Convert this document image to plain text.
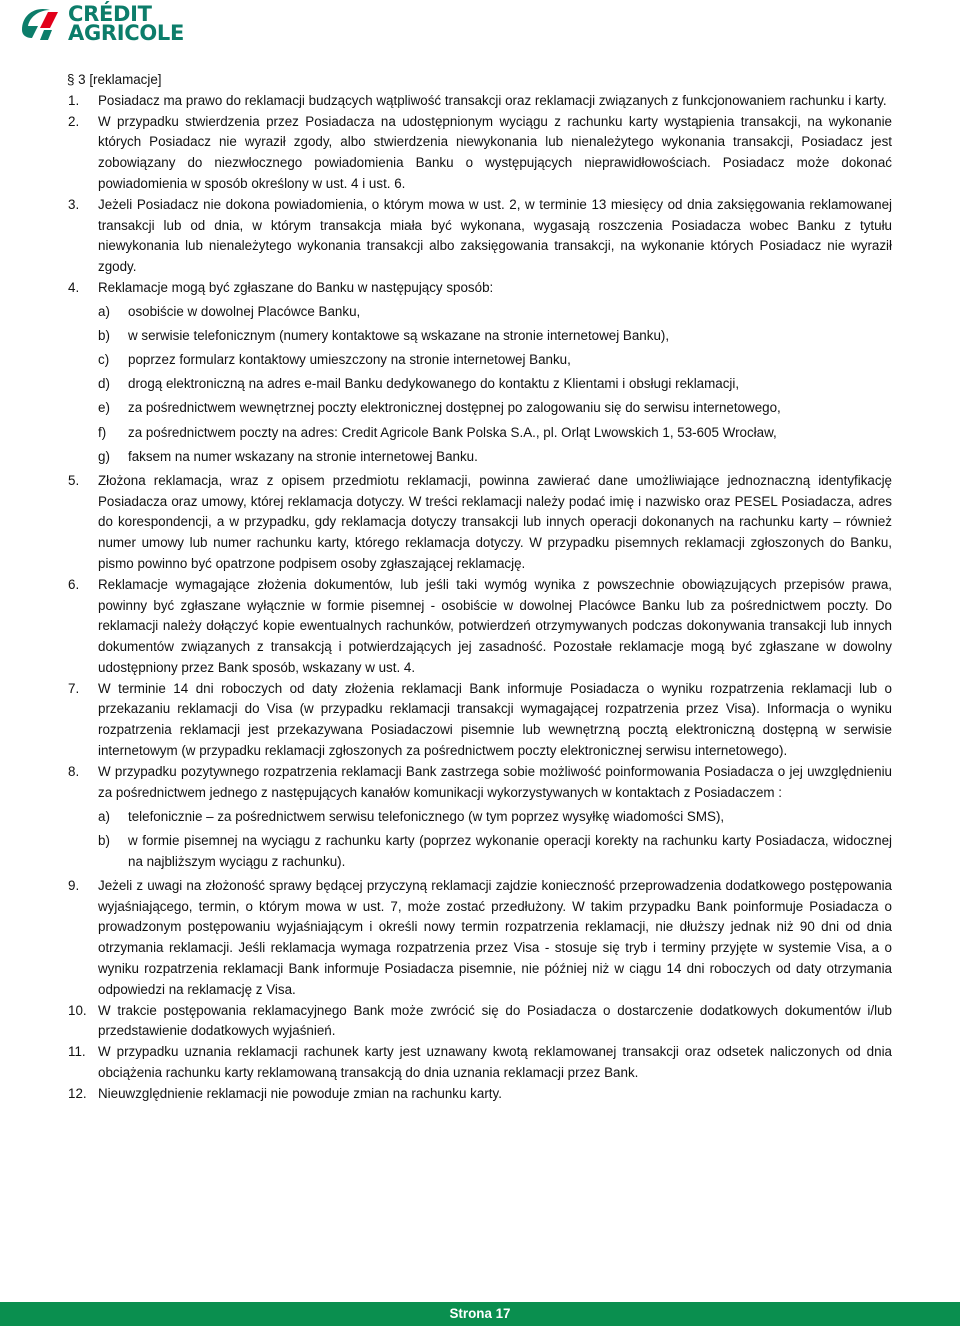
CRÉDIT
AGRICOLE
§ 3 [reklamacje]
1.	Posiadacz ma prawo do reklamacji budzących wątpliwość transakcji oraz reklamacji związanych z funkcjonowaniem rachunku i karty.
2.	W przypadku stwierdzenia przez Posiadacza na udostępnionym wyciągu z rachunku karty wystąpienia transakcji, na wykonanie których Posiadacz nie wyraził zgody, albo stwierdzenia niewykonania lub nienależytego wykonania transakcji, Posiadacz jest zobowiązany do niezwłocznego powiadomienia Banku o występujących nieprawidłowościach. Posiadacz może dokonać powiadomienia w sposób określony w ust. 4 i ust. 6.
3.	Jeżeli Posiadacz nie dokona powiadomienia, o którym mowa w ust. 2, w terminie 13 miesięcy od dnia zaksięgowania reklamowanej transakcji lub od dnia, w którym transakcja miała być wykonana, wygasają roszczenia Posiadacza wobec Banku z tytułu niewykonania lub nienależytego wykonania transakcji albo zaksięgowania transakcji, na wykonanie których Posiadacz nie wyraził zgody.
4.	Reklamacje mogą być zgłaszane do Banku w następujący sposób:
a)	osobiście w dowolnej Placówce Banku,
b)	w serwisie telefonicznym (numery kontaktowe są wskazane na stronie internetowej Banku),
c)	poprzez formularz kontaktowy umieszczony na stronie internetowej Banku,
d)	drogą elektroniczną na adres e-mail Banku dedykowanego do kontaktu z Klientami i obsługi reklamacji,
e)	za pośrednictwem wewnętrznej poczty elektronicznej dostępnej po zalogowaniu się do serwisu internetowego,
f)	za pośrednictwem poczty na adres: Credit Agricole Bank Polska S.A., pl. Orląt Lwowskich 1, 53-605 Wrocław,
g)	faksem na numer wskazany na stronie internetowej Banku.
5.	Złożona reklamacja, wraz z opisem przedmiotu reklamacji, powinna zawierać dane umożliwiające jednoznaczną identyfikację Posiadacza oraz umowy, której reklamacja dotyczy. W treści reklamacji należy podać imię i nazwisko oraz PESEL Posiadacza, adres do korespondencji, a w przypadku, gdy reklamacja dotyczy transakcji lub innych operacji dokonanych na rachunku karty – również numer umowy lub numer rachunku karty, którego reklamacja dotyczy. W przypadku pisemnych reklamacji zgłoszonych do Banku, pismo powinno być opatrzone podpisem osoby zgłaszającej reklamację.
6.	Reklamacje wymagające złożenia dokumentów, lub jeśli taki wymóg wynika z powszechnie obowiązujących przepisów prawa, powinny być zgłaszane wyłącznie w formie pisemnej - osobiście w dowolnej Placówce Banku lub za pośrednictwem poczty. Do reklamacji należy dołączyć kopie ewentualnych rachunków, potwierdzeń otrzymywanych podczas dokonywania transakcji lub innych dokumentów związanych z transakcją i potwierdzających jej zasadność. Pozostałe reklamacje mogą być zgłaszane w dowolny udostępniony przez Bank sposób, wskazany w ust. 4.
7.	W terminie 14 dni roboczych od daty złożenia reklamacji Bank informuje Posiadacza o wyniku rozpatrzenia reklamacji lub o przekazaniu reklamacji do Visa (w przypadku reklamacji transakcji wymagającej rozpatrzenia przez Visa). Informacja o wyniku rozpatrzenia reklamacji jest przekazywana Posiadaczowi pisemnie lub wewnętrzną pocztą elektroniczną dostępną w serwisie internetowym (w przypadku reklamacji zgłoszonych za pośrednictwem poczty elektronicznej serwisu internetowego).
8.	W przypadku pozytywnego rozpatrzenia reklamacji Bank zastrzega sobie możliwość poinformowania Posiadacza o jej uwzględnieniu za pośrednictwem jednego z następujących kanałów komunikacji wykorzystywanych w kontaktach z Posiadaczem :
a)	telefonicznie – za pośrednictwem serwisu telefonicznego (w tym poprzez wysyłkę wiadomości SMS),
b)	w formie pisemnej na wyciągu z rachunku karty (poprzez wykonanie operacji korekty na rachunku karty Posiadacza, widocznej na najbliższym wyciągu z rachunku).
9.	Jeżeli z uwagi na złożoność sprawy będącej przyczyną reklamacji zajdzie konieczność przeprowadzenia dodatkowego postępowania wyjaśniającego, termin, o którym mowa w ust. 7, może zostać przedłużony. W takim przypadku Bank poinformuje Posiadacza o prowadzonym postępowaniu wyjaśniającym i określi nowy termin rozpatrzenia reklamacji, nie dłuższy jednak niż 90 dni od dnia otrzymania reklamacji. Jeśli reklamacja wymaga rozpatrzenia przez Visa - stosuje się tryb i terminy przyjęte w systemie Visa, a o wyniku rozpatrzenia reklamacji Bank informuje Posiadacza pisemnie, nie później niż w ciągu 14 dni roboczych od daty otrzymania odpowiedzi na reklamację z Visa.
10. W trakcie postępowania reklamacyjnego Bank może zwrócić się do Posiadacza o dostarczenie dodatkowych dokumentów i/lub przedstawienie dodatkowych wyjaśnień.
11. W przypadku uznania reklamacji rachunek karty jest uznawany kwotą reklamowanej transakcji oraz odsetek naliczonych od dnia obciążenia rachunku karty reklamowaną transakcją do dnia uznania reklamacji przez Bank.
12. Nieuwzględnienie reklamacji nie powoduje zmian na rachunku karty.
Strona 17
